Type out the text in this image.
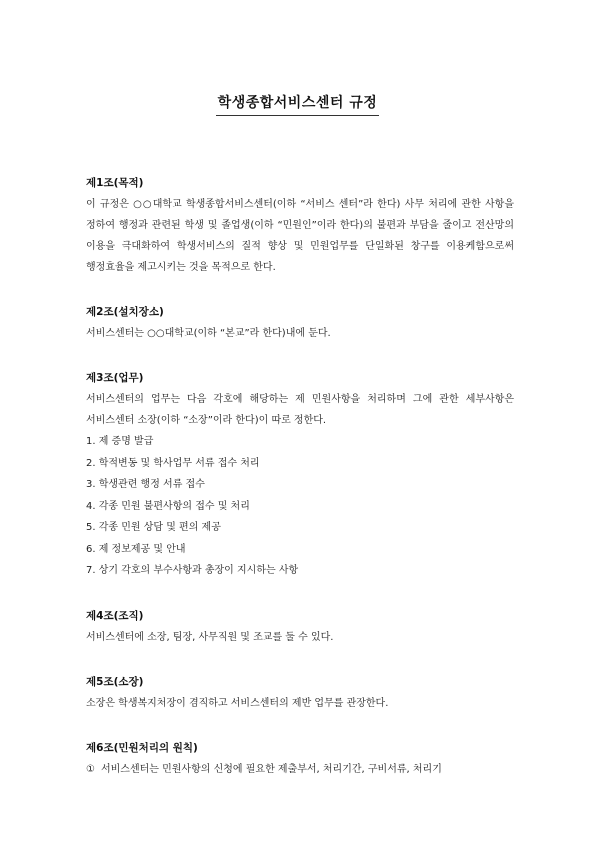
학생종합서비스센터 규정
제1조(목적)
이 규정은 ○○대학교 학생종합서비스센터(이하 “서비스 센터”라 한다) 사무 처리에 관한 사항을 정하여 행정과 관련된 학생 및 졸업생(이하 “민원인”이라 한다)의 불편과 부담을 줄이고 전산망의 이용을 극대화하여 학생서비스의 질적 향상 및 민원업무를 단일화된 창구를 이용케함으로써 행정효율을 제고시키는 것을 목적으로 한다.
제2조(설치장소)
서비스센터는 ○○대학교(이하 “본교”라 한다)내에 둔다.
제3조(업무)
서비스센터의 업무는 다음 각호에 해당하는 제 민원사항을 처리하며 그에 관한 세부사항은 서비스센터 소장(이하 “소장”이라 한다)이 따로 정한다.
1. 제 증명 발급
2. 학적변동 및 학사업무 서류 접수 처리
3. 학생관련 행정 서류 접수
4. 각종 민원 불편사항의 접수 및 처리
5. 각종 민원 상담 및 편의 제공
6. 제 정보제공 및 안내
7. 상기 각호의 부수사항과 총장이 지시하는 사항
제4조(조직)
서비스센터에 소장, 팀장, 사무직원 및 조교를 둘 수 있다.
제5조(소장)
소장은 학생복지처장이 겸직하고 서비스센터의 제반 업무를 관장한다.
제6조(민원처리의 원칙)
① 서비스센터는 민원사항의 신청에 필요한 제출부서, 처리기간, 구비서류, 처리기
